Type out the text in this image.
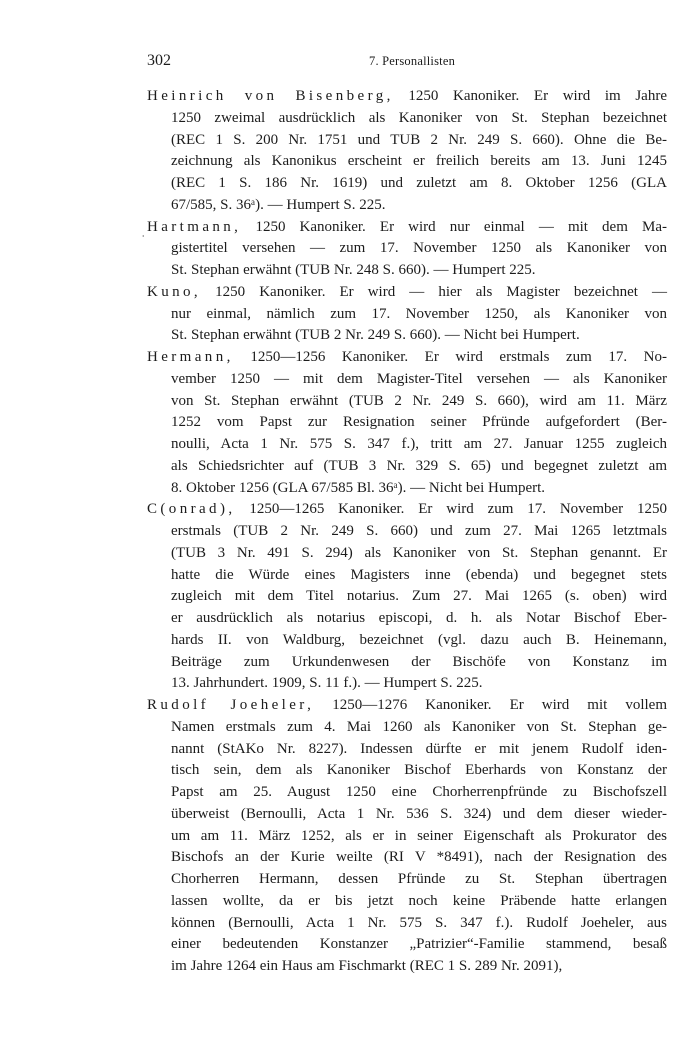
302	7. Personallisten
Heinrich von Bisenberg, 1250 Kanoniker. Er wird im Jahre
1250 zweimal ausdrücklich als Kanoniker von St. Stephan bezeichnet
(REC 1 S. 200 Nr. 1751 und TUB 2 Nr. 249 S. 660). Ohne die Be-
zeichnung als Kanonikus erscheint er freilich bereits am 13. Juni 1245
(REC 1 S. 186 Nr. 1619) und zuletzt am 8. Oktober 1256 (GLA
67/585, S. 36ᵃ). — Humpert S. 225.
ˌ Hartmann, 1250 Kanoniker. Er wird nur einmal — mit dem Ma-
gistertitel versehen — zum 17. November 1250 als Kanoniker von
St. Stephan erwähnt (TUB Nr. 248 S. 660). — Humpert 225.
Kuno, 1250 Kanoniker. Er wird — hier als Magister bezeichnet —
nur einmal, nämlich zum 17. November 1250, als Kanoniker von
St. Stephan erwähnt (TUB 2 Nr. 249 S. 660). — Nicht bei Humpert.
Hermann, 1250—1256 Kanoniker. Er wird erstmals zum 17. No-
vember 1250 — mit dem Magister-Titel versehen — als Kanoniker
von St. Stephan erwähnt (TUB 2 Nr. 249 S. 660), wird am 11. März
1252 vom Papst zur Resignation seiner Pfründe aufgefordert (Ber-
noulli, Acta 1 Nr. 575 S. 347 f.), tritt am 27. Januar 1255 zugleich
als Schiedsrichter auf (TUB 3 Nr. 329 S. 65) und begegnet zuletzt am
8. Oktober 1256 (GLA 67/585 Bl. 36ᵃ). — Nicht bei Humpert.
C(onrad), 1250—1265 Kanoniker. Er wird zum 17. November 1250
erstmals (TUB 2 Nr. 249 S. 660) und zum 27. Mai 1265 letztmals
(TUB 3 Nr. 491 S. 294) als Kanoniker von St. Stephan genannt. Er
hatte die Würde eines Magisters inne (ebenda) und begegnet stets
zugleich mit dem Titel notarius. Zum 27. Mai 1265 (s. oben) wird
er ausdrücklich als notarius episcopi, d. h. als Notar Bischof Eber-
hards II. von Waldburg, bezeichnet (vgl. dazu auch B. Heinemann,
Beiträge zum Urkundenwesen der Bischöfe von Konstanz im
13. Jahrhundert. 1909, S. 11 f.). — Humpert S. 225.
Rudolf Joeheler, 1250—1276 Kanoniker. Er wird mit vollem
Namen erstmals zum 4. Mai 1260 als Kanoniker von St. Stephan ge-
nannt (StAKo Nr. 8227). Indessen dürfte er mit jenem Rudolf iden-
tisch sein, dem als Kanoniker Bischof Eberhards von Konstanz der
Papst am 25. August 1250 eine Chorherrenpfründe zu Bischofszell
überweist (Bernoulli, Acta 1 Nr. 536 S. 324) und dem dieser wieder-
um am 11. März 1252, als er in seiner Eigenschaft als Prokurator des
Bischofs an der Kurie weilte (RI V *8491), nach der Resignation des
Chorherren Hermann, dessen Pfründe zu St. Stephan übertragen
lassen wollte, da er bis jetzt noch keine Präbende hatte erlangen
können (Bernoulli, Acta 1 Nr. 575 S. 347 f.). Rudolf Joeheler, aus
einer bedeutenden Konstanzer „Patrizier“-Familie stammend, besaß
im Jahre 1264 ein Haus am Fischmarkt (REC 1 S. 289 Nr. 2091),
